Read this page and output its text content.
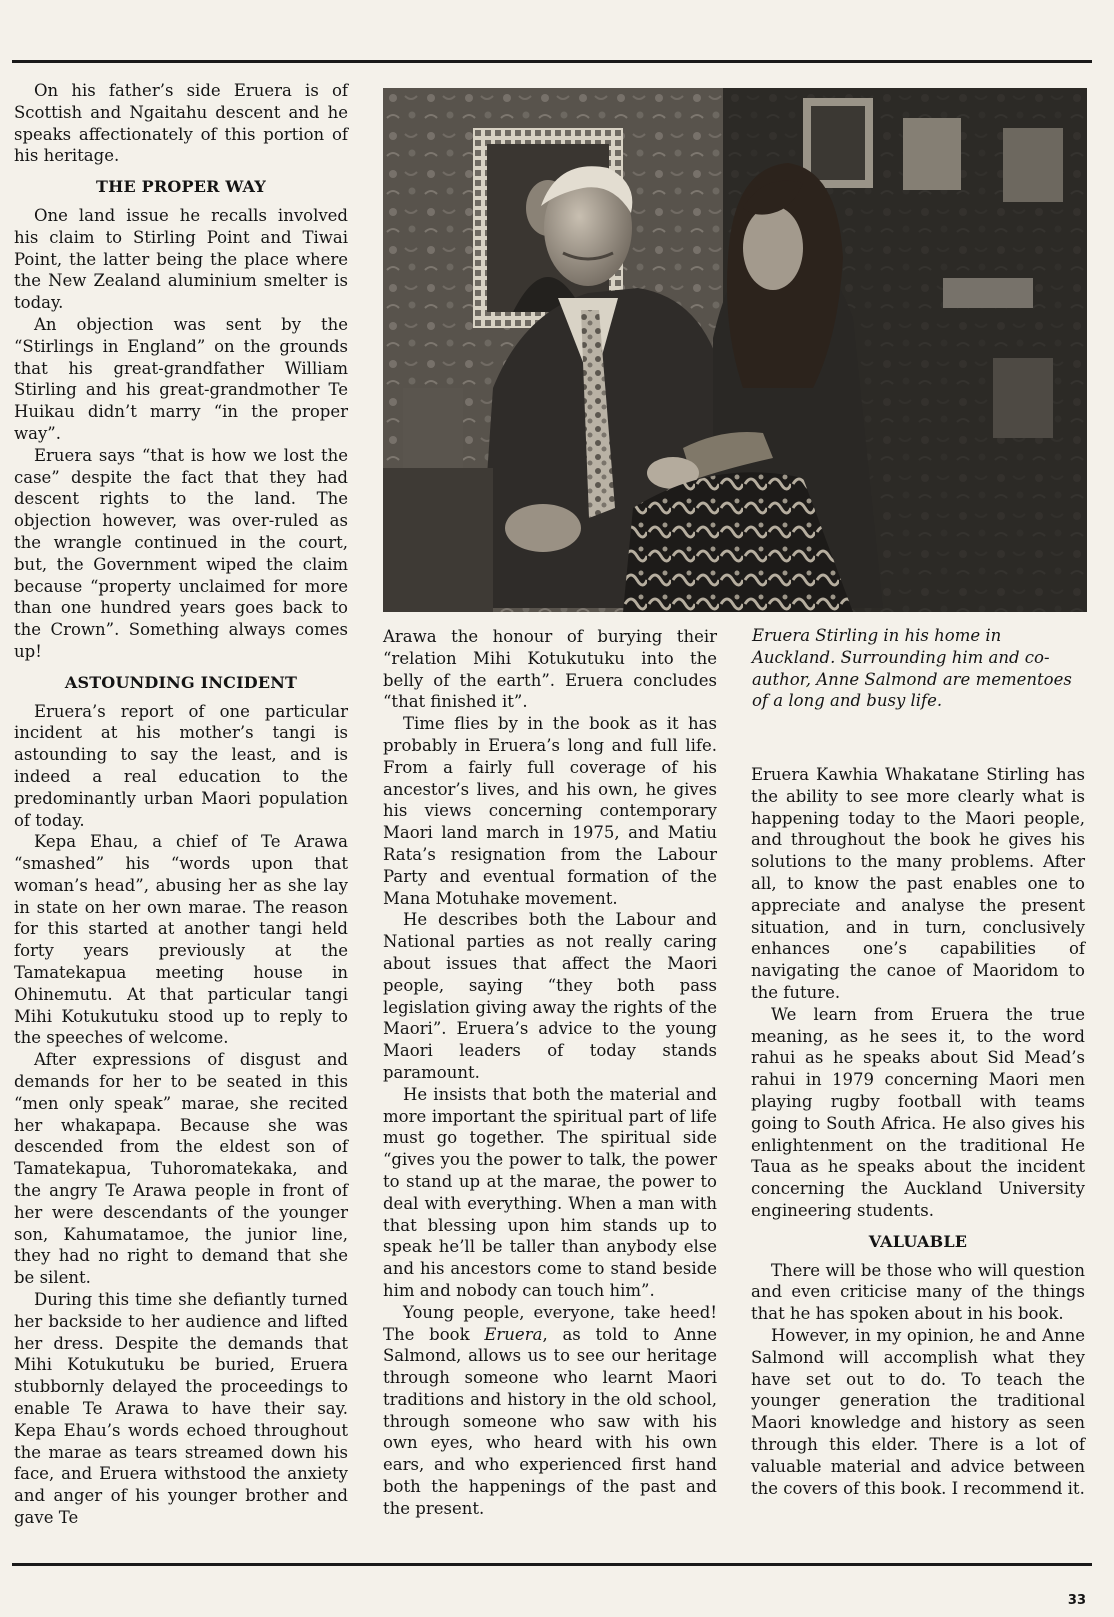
On his father’s side Eruera is of Scottish and Ngaitahu descent and he speaks affectionately of this portion of his heritage.

THE PROPER WAY

One land issue he recalls involved his claim to Stirling Point and Tiwai Point, the latter being the place where the New Zealand aluminium smelter is today.

An objection was sent by the “Stirlings in England” on the grounds that his great-grandfather William Stirling and his great-grandmother Te Huikau didn’t marry “in the proper way”.

Eruera says “that is how we lost the case” despite the fact that they had descent rights to the land. The objection however, was over-ruled as the wrangle continued in the court, but, the Government wiped the claim because “property unclaimed for more than one hundred years goes back to the Crown”. Something always comes up!

ASTOUNDING INCIDENT

Eruera’s report of one particular incident at his mother’s tangi is astounding to say the least, and is indeed a real education to the predominantly urban Maori population of today.

Kepa Ehau, a chief of Te Arawa “smashed” his “words upon that woman’s head”, abusing her as she lay in state on her own marae. The reason for this started at another tangi held forty years previously at the Tamatekapua meeting house in Ohinemutu. At that particular tangi Mihi Kotukutuku stood up to reply to the speeches of welcome.

After expressions of disgust and demands for her to be seated in this “men only speak” marae, she recited her whakapapa. Because she was descended from the eldest son of Tamatekapua, Tuhoromatekaka, and the angry Te Arawa people in front of her were descendants of the younger son, Kahumatamoe, the junior line, they had no right to demand that she be silent.

During this time she defiantly turned her backside to her audience and lifted her dress. Despite the demands that Mihi Kotukutuku be buried, Eruera stubbornly delayed the proceedings to enable Te Arawa to have their say. Kepa Ehau’s words echoed throughout the marae as tears streamed down his face, and Eruera withstood the anxiety and anger of his younger brother and gave Te

Arawa the honour of burying their “relation Mihi Kotukutuku into the belly of the earth”. Eruera concludes “that finished it”.

Time flies by in the book as it has probably in Eruera’s long and full life. From a fairly full coverage of his ancestor’s lives, and his own, he gives his views concerning contemporary Maori land march in 1975, and Matiu Rata’s resignation from the Labour Party and eventual formation of the Mana Motuhake movement.

He describes both the Labour and National parties as not really caring about issues that affect the Maori people, saying “they both pass legislation giving away the rights of the Maori”. Eruera’s advice to the young Maori leaders of today stands paramount.

He insists that both the material and more important the spiritual part of life must go together. The spiritual side “gives you the power to talk, the power to stand up at the marae, the power to deal with everything. When a man with that blessing upon him stands up to speak he’ll be taller than anybody else and his ancestors come to stand beside him and nobody can touch him”.

Young people, everyone, take heed! The book Eruera, as told to Anne Salmond, allows us to see our heritage through someone who learnt Maori traditions and history in the old school, through someone who saw with his own eyes, who heard with his own ears, and who experienced first hand both the happenings of the past and the present.

Eruera Stirling in his home in Auckland. Surrounding him and co-author, Anne Salmond are mementoes of a long and busy life.

Eruera Kawhia Whakatane Stirling has the ability to see more clearly what is happening today to the Maori people, and throughout the book he gives his solutions to the many problems. After all, to know the past enables one to appreciate and analyse the present situation, and in turn, conclusively enhances one’s capabilities of navigating the canoe of Maoridom to the future.

We learn from Eruera the true meaning, as he sees it, to the word rahui as he speaks about Sid Mead’s rahui in 1979 concerning Maori men playing rugby football with teams going to South Africa. He also gives his enlightenment on the traditional He Taua as he speaks about the incident concerning the Auckland University engineering students.

VALUABLE

There will be those who will question and even criticise many of the things that he has spoken about in his book.

However, in my opinion, he and Anne Salmond will accomplish what they have set out to do. To teach the younger generation the traditional Maori knowledge and history as seen through this elder. There is a lot of valuable material and advice between the covers of this book. I recommend it.

33
